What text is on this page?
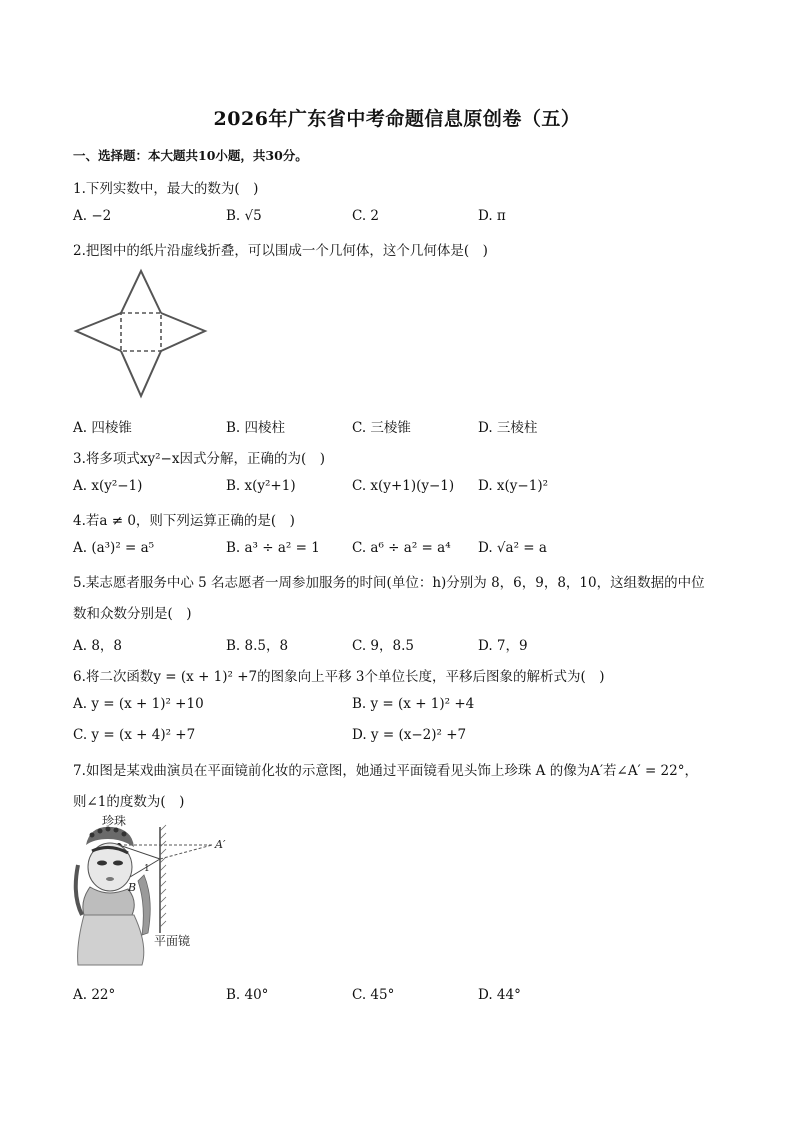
2026年广东省中考命题信息原创卷（五）
一、选择题：本大题共10小题，共30分。
1.下列实数中，最大的数为(　)
A. −2	B. √5	C. 2	D. π
2.把图中的纸片沿虚线折叠，可以围成一个几何体，这个几何体是(　)
A. 四棱锥	B. 四棱柱	C. 三棱锥	D. 三棱柱
3.将多项式xy²−x因式分解，正确的为(　)
A. x(y²−1)	B. x(y²+1)	C. x(y+1)(y−1) D. x(y−1)²
4.若a ≠ 0，则下列运算正确的是(　)
A. (a³)² = a⁵	B. a³ ÷ a² = 1 C. a⁶ ÷ a² = a⁴ D. √a² = a
5.某志愿者服务中心 5 名志愿者一周参加服务的时间(单位：h)分别为 8，6，9，8，10，这组数据的中位
数和众数分别是(　)
A. 8，8	B. 8.5，8	C. 9，8.5	D. 7，9
6.将二次函数y = (x + 1)² +7的图象向上平移 3个单位长度，平移后图象的解析式为(　)
A. y = (x + 1)² +10	B. y = (x + 1)² +4
C. y = (x + 4)² +7	D. y = (x−2)² +7
7.如图是某戏曲演员在平面镜前化妆的示意图，她通过平面镜看见头饰上珍珠 A 的像为A′若∠A′ = 22°，
则∠1的度数为(　)
珍珠
A′
B
1
平面镜
A. 22°	B. 40°	C. 45°	D. 44°
